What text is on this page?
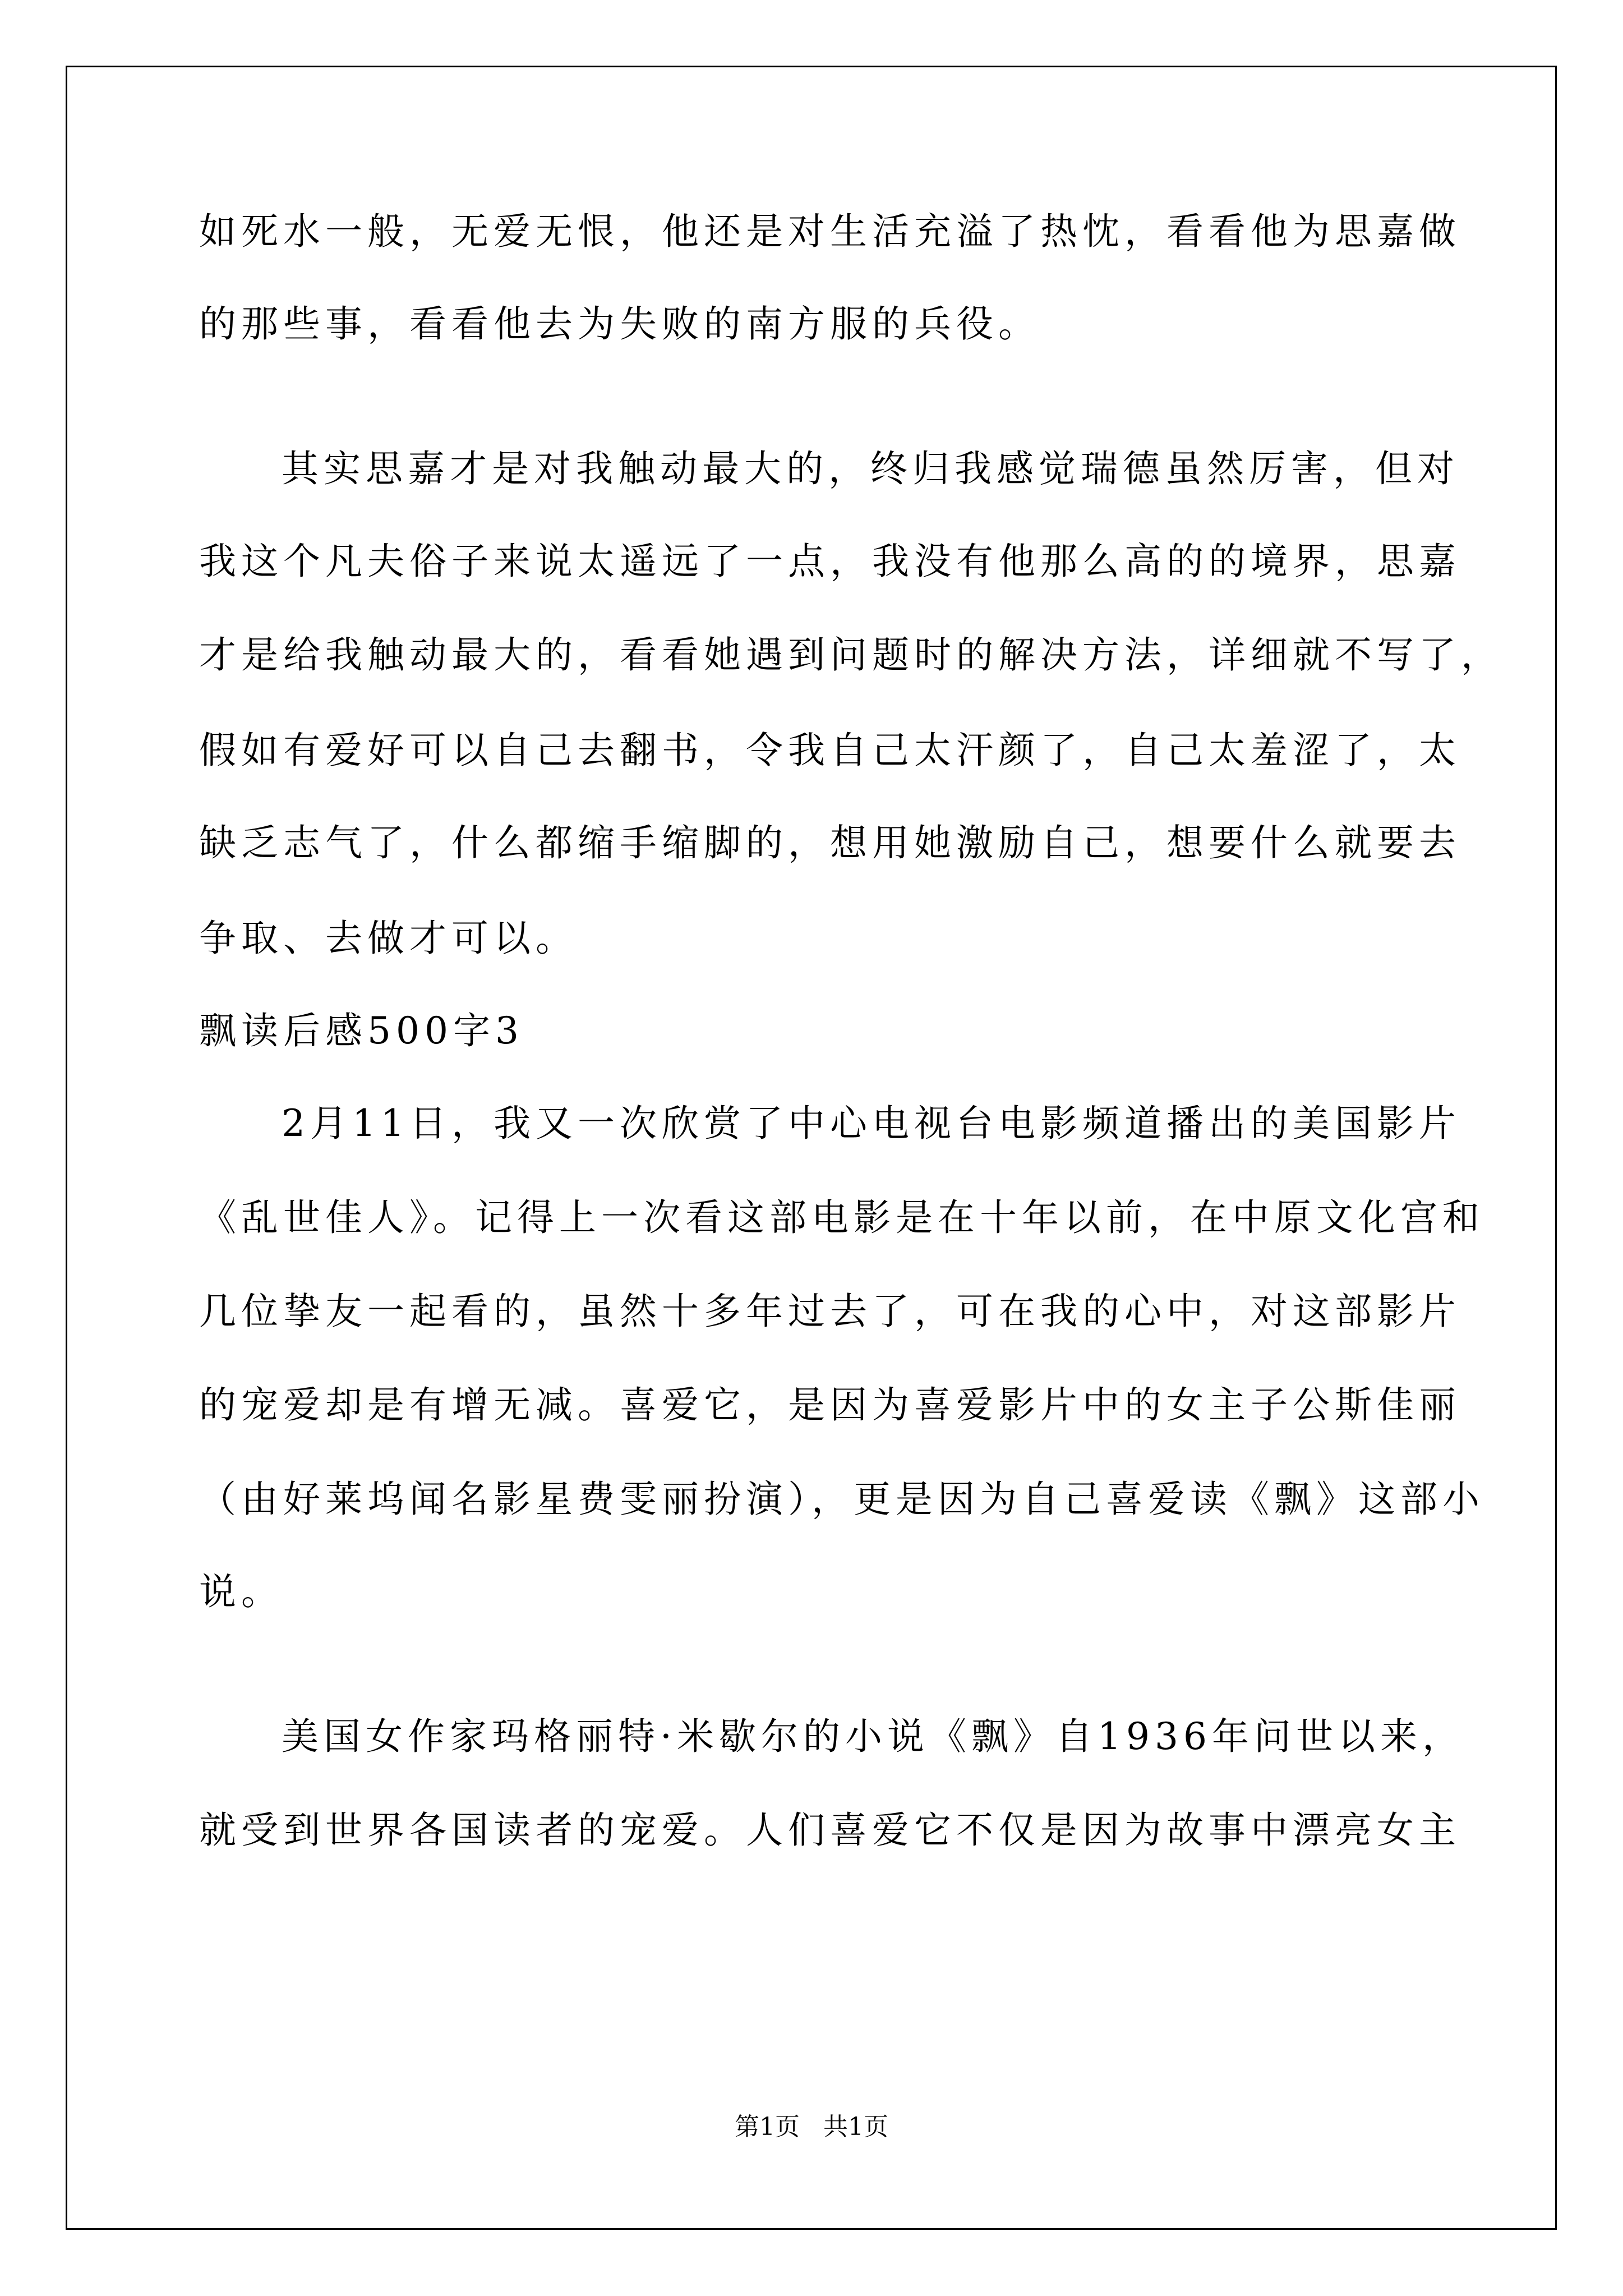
如死水一般，无爱无恨，他还是对生活充溢了热忱，看看他为思嘉做
的那些事，看看他去为失败的南方服的兵役。
其实思嘉才是对我触动最大的，终归我感觉瑞德虽然厉害，但对
我这个凡夫俗子来说太遥远了一点，我没有他那么高的的境界，思嘉
才是给我触动最大的，看看她遇到问题时的解决方法，详细就不写了，
假如有爱好可以自己去翻书，令我自己太汗颜了，自己太羞涩了，太
缺乏志气了，什么都缩手缩脚的，想用她激励自己，想要什么就要去
争取、去做才可以。
飘读后感500字3
2月11日，我又一次欣赏了中心电视台电影频道播出的美国影片
《乱世佳人》。记得上一次看这部电影是在十年以前，在中原文化宫和
几位挚友一起看的，虽然十多年过去了，可在我的心中，对这部影片
的宠爱却是有增无减。喜爱它，是因为喜爱影片中的女主子公斯佳丽
（由好莱坞闻名影星费雯丽扮演），更是因为自己喜爱读《飘》这部小
说。
美国女作家玛格丽特·米歇尔的小说《飘》自1936年问世以来，
就受到世界各国读者的宠爱。人们喜爱它不仅是因为故事中漂亮女主
第1页   共1页
